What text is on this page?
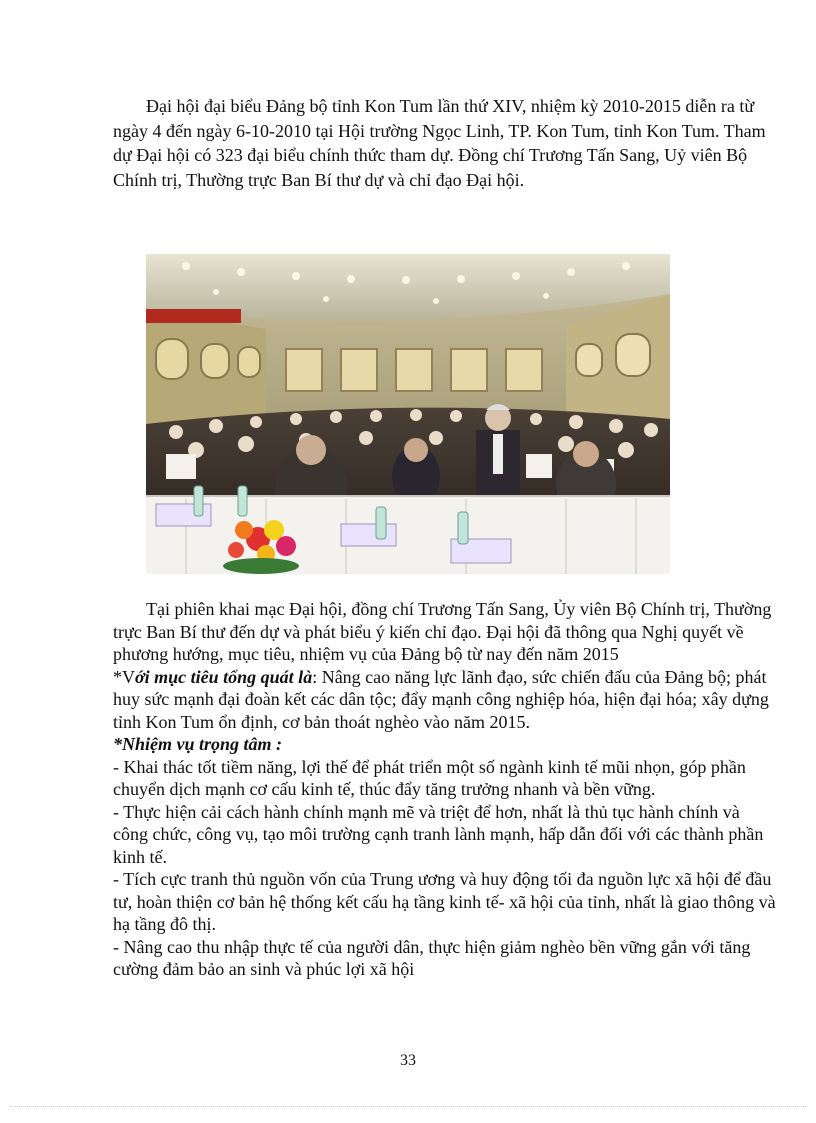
Đại hội đại biểu Đảng bộ tỉnh Kon Tum lần thứ XIV, nhiệm kỳ 2010-2015 diễn ra từ ngày 4 đến ngày 6-10-2010 tại Hội trường Ngọc Linh, TP. Kon Tum, tỉnh Kon Tum. Tham dự Đại hội có 323 đại biểu chính thức tham dự. Đồng chí Trương Tấn Sang, Uỷ viên Bộ Chính trị, Thường trực Ban Bí thư dự và chỉ đạo Đại hội.

Tại phiên khai mạc Đại hội, đồng chí Trương Tấn Sang, Ủy viên Bộ Chính trị, Thường trực Ban Bí thư đến dự và phát biểu ý kiến chỉ đạo. Đại hội đã thông qua Nghị quyết về phương hướng, mục tiêu, nhiệm vụ của Đảng bộ từ nay đến năm 2015

*Với mục tiêu tổng quát là: Nâng cao năng lực lãnh đạo, sức chiến đấu của Đảng bộ; phát huy sức mạnh đại đoàn kết các dân tộc; đẩy mạnh công nghiệp hóa, hiện đại hóa; xây dựng tỉnh Kon Tum ổn định, cơ bản thoát nghèo vào năm 2015.

*Nhiệm vụ trọng tâm :

- Khai thác tốt tiềm năng, lợi thế để phát triển một số ngành kinh tế mũi nhọn, góp phần chuyển dịch mạnh cơ cấu kinh tế, thúc đẩy tăng trưởng nhanh và bền vững.

- Thực hiện cải cách hành chính mạnh mẽ và triệt để hơn, nhất là thủ tục hành chính và công chức, công vụ, tạo môi trường cạnh tranh lành mạnh, hấp dẫn đối với các thành phần kinh tế.

- Tích cực tranh thủ nguồn vốn của Trung ương và huy động tối đa nguồn lực xã hội để đầu tư, hoàn thiện cơ bản hệ thống kết cấu hạ tầng kinh tế- xã hội của tỉnh, nhất là giao thông và hạ tầng đô thị.

- Nâng cao thu nhập thực tế của người dân, thực hiện giảm nghèo bền vững gắn với tăng cường đảm bảo an sinh và phúc lợi xã hội

33
